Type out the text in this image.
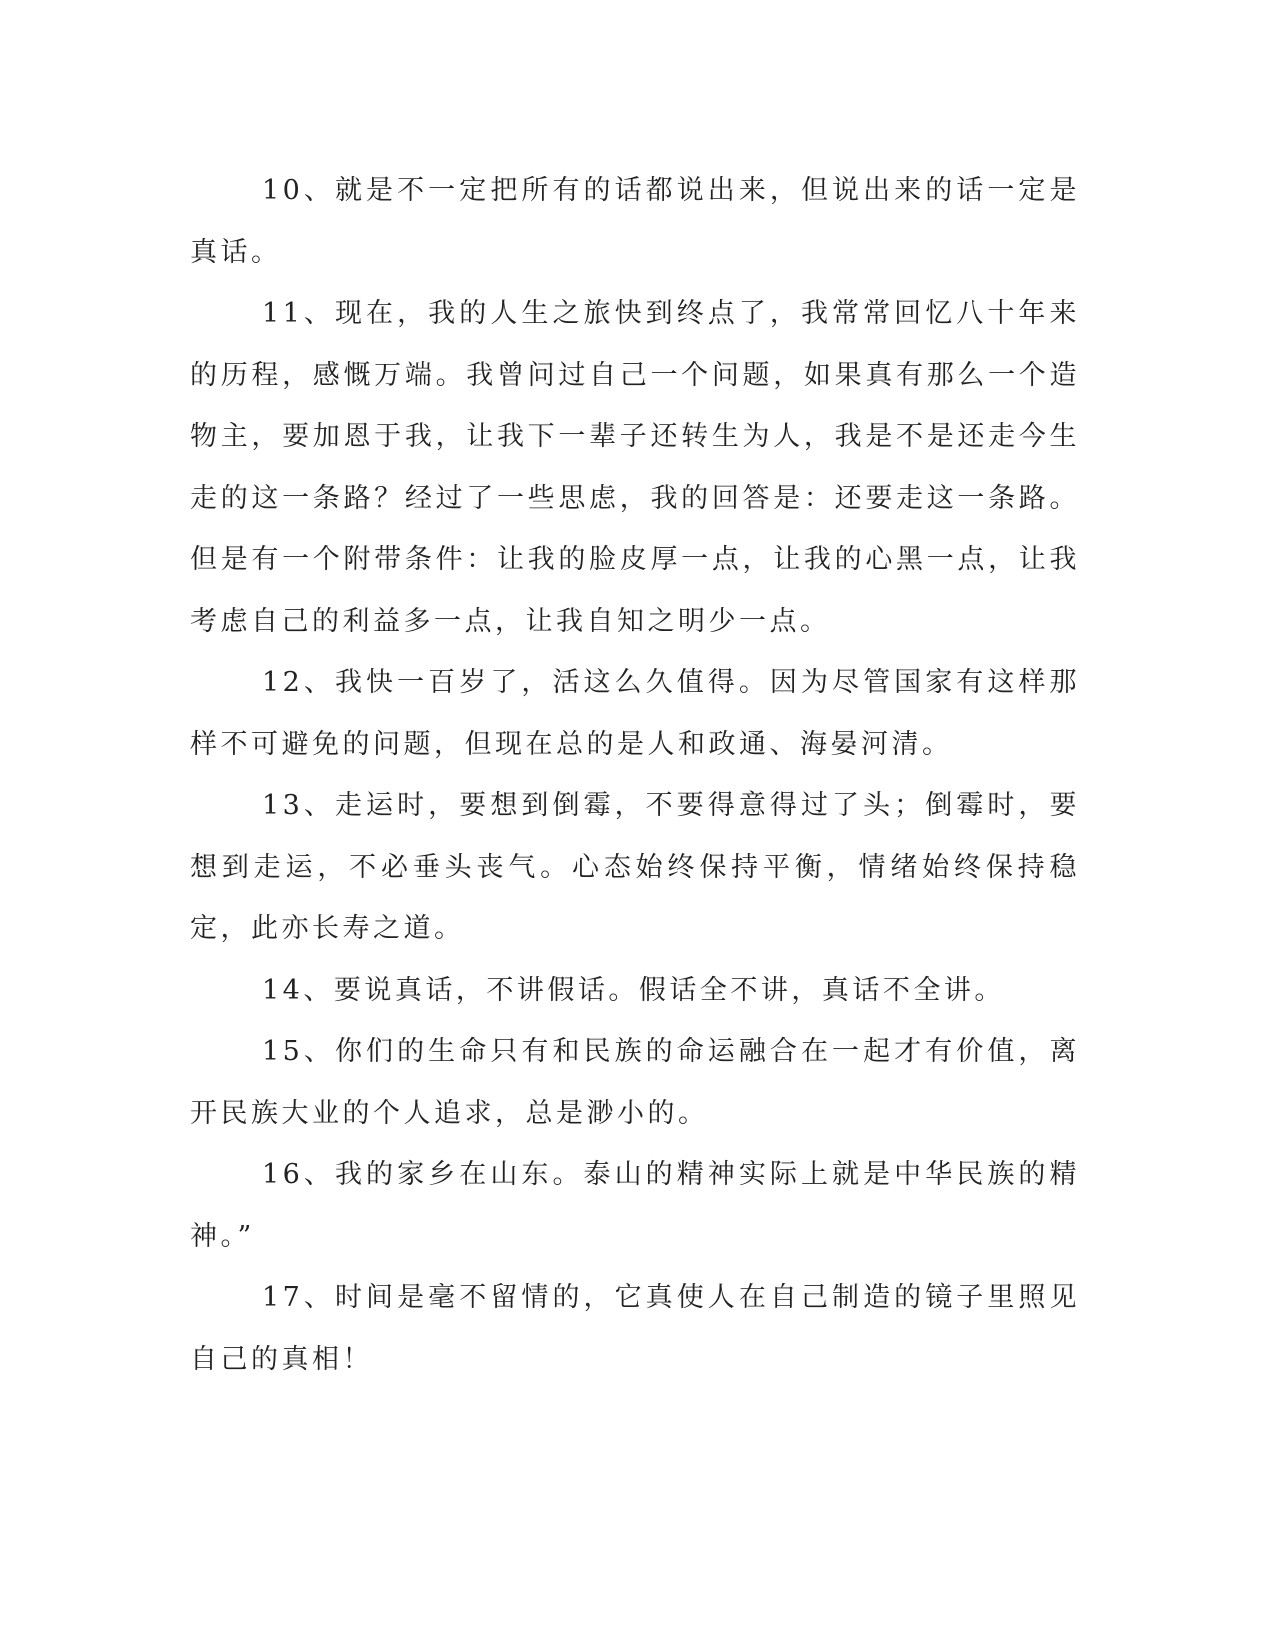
10、就是不一定把所有的话都说出来，但说出来的话一定是真话。

11、现在，我的人生之旅快到终点了，我常常回忆八十年来的历程，感慨万端。我曾问过自己一个问题，如果真有那么一个造物主，要加恩于我，让我下一辈子还转生为人，我是不是还走今生走的这一条路？经过了一些思虑，我的回答是：还要走这一条路。但是有一个附带条件：让我的脸皮厚一点，让我的心黑一点，让我考虑自己的利益多一点，让我自知之明少一点。

12、我快一百岁了，活这么久值得。因为尽管国家有这样那样不可避免的问题，但现在总的是人和政通、海晏河清。

13、走运时，要想到倒霉，不要得意得过了头；倒霉时，要想到走运，不必垂头丧气。心态始终保持平衡，情绪始终保持稳定，此亦长寿之道。

14、要说真话，不讲假话。假话全不讲，真话不全讲。

15、你们的生命只有和民族的命运融合在一起才有价值，离开民族大业的个人追求，总是渺小的。

16、我的家乡在山东。泰山的精神实际上就是中华民族的精神。”

17、时间是毫不留情的，它真使人在自己制造的镜子里照见自己的真相！
